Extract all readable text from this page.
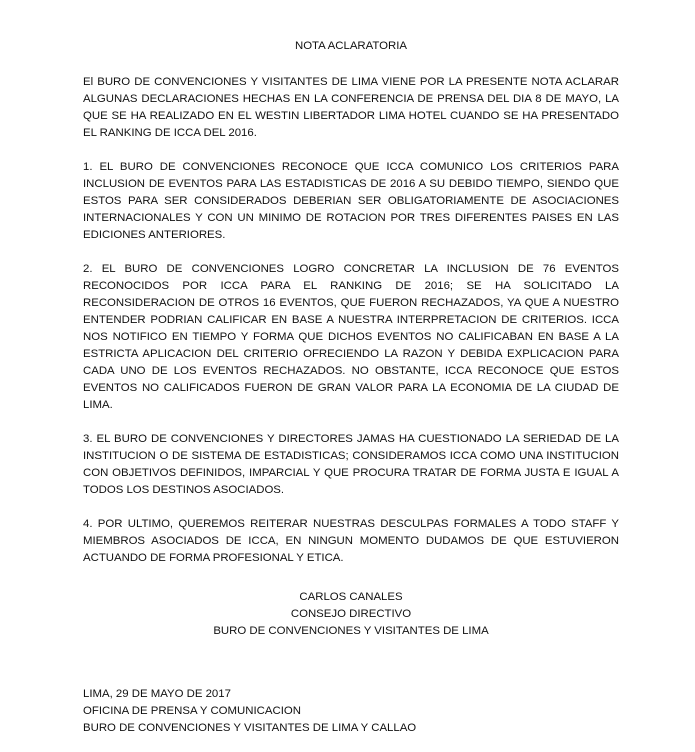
NOTA ACLARATORIA
El BURO DE CONVENCIONES Y VISITANTES DE LIMA VIENE POR LA PRESENTE NOTA ACLARAR ALGUNAS DECLARACIONES HECHAS EN LA CONFERENCIA DE PRENSA DEL DIA 8 DE MAYO, LA QUE SE HA REALIZADO EN EL WESTIN LIBERTADOR LIMA HOTEL CUANDO SE HA PRESENTADO EL RANKING DE ICCA DEL 2016.
1. EL BURO DE CONVENCIONES RECONOCE QUE ICCA COMUNICO LOS CRITERIOS PARA INCLUSION DE EVENTOS PARA LAS ESTADISTICAS DE 2016 A SU DEBIDO TIEMPO, SIENDO QUE ESTOS PARA SER CONSIDERADOS DEBERIAN SER OBLIGATORIAMENTE DE ASOCIACIONES INTERNACIONALES Y CON UN MINIMO DE ROTACION POR TRES DIFERENTES PAISES EN LAS EDICIONES ANTERIORES.
2. EL BURO DE CONVENCIONES LOGRO CONCRETAR LA INCLUSION DE 76 EVENTOS RECONOCIDOS POR ICCA PARA EL RANKING DE 2016; SE HA SOLICITADO LA RECONSIDERACION DE OTROS 16 EVENTOS, QUE FUERON RECHAZADOS, YA QUE A NUESTRO ENTENDER PODRIAN CALIFICAR EN BASE A NUESTRA INTERPRETACION DE CRITERIOS. ICCA NOS NOTIFICO EN TIEMPO Y FORMA QUE DICHOS EVENTOS NO CALIFICABAN EN BASE A LA ESTRICTA APLICACION DEL CRITERIO OFRECIENDO LA RAZON Y DEBIDA EXPLICACION PARA CADA UNO DE LOS EVENTOS RECHAZADOS. NO OBSTANTE, ICCA RECONOCE QUE ESTOS EVENTOS NO CALIFICADOS FUERON DE GRAN VALOR PARA LA ECONOMIA DE LA CIUDAD DE LIMA.
3. EL BURO DE CONVENCIONES Y DIRECTORES JAMAS HA CUESTIONADO LA SERIEDAD DE LA INSTITUCION O DE SISTEMA DE ESTADISTICAS; CONSIDERAMOS ICCA COMO UNA INSTITUCION CON OBJETIVOS DEFINIDOS, IMPARCIAL Y QUE PROCURA TRATAR DE FORMA JUSTA E IGUAL A TODOS LOS DESTINOS ASOCIADOS.
4. POR ULTIMO, QUEREMOS REITERAR NUESTRAS DESCULPAS FORMALES A TODO STAFF Y MIEMBROS ASOCIADOS DE ICCA, EN NINGUN MOMENTO DUDAMOS DE QUE ESTUVIERON ACTUANDO DE FORMA PROFESIONAL Y ETICA.
CARLOS CANALES
CONSEJO DIRECTIVO
BURO DE CONVENCIONES Y VISITANTES DE LIMA
LIMA, 29 DE MAYO DE 2017
OFICINA DE PRENSA Y COMUNICACION
BURO DE CONVENCIONES Y VISITANTES DE LIMA Y CALLAO
